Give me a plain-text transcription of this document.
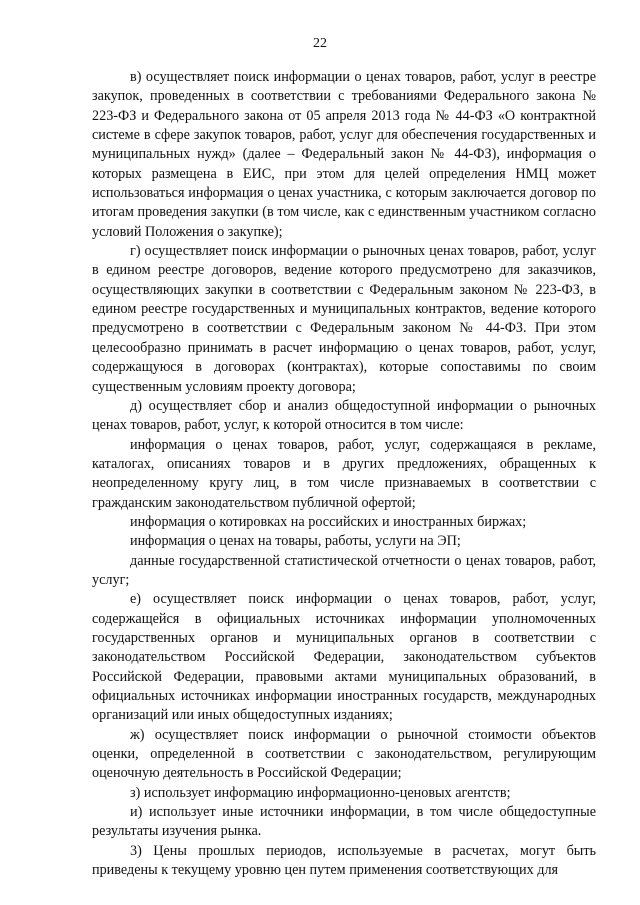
22

в) осуществляет поиск информации о ценах товаров, работ, услуг в реестре закупок, проведенных в соответствии с требованиями Федерального закона № 223-ФЗ и Федерального закона от 05 апреля 2013 года № 44-ФЗ «О контрактной системе в сфере закупок товаров, работ, услуг для обеспечения государственных и муниципальных нужд» (далее – Федеральный закон № 44-ФЗ), информация о которых размещена в ЕИС, при этом для целей определения НМЦ может использоваться информация о ценах участника, с которым заключается договор по итогам проведения закупки (в том числе, как с единственным участником согласно условий Положения о закупке);

г) осуществляет поиск информации о рыночных ценах товаров, работ, услуг в едином реестре договоров, ведение которого предусмотрено для заказчиков, осуществляющих закупки в соответствии с Федеральным законом № 223-ФЗ, в едином реестре государственных и муниципальных контрактов, ведение которого предусмотрено в соответствии с Федеральным законом № 44-ФЗ. При этом целесообразно принимать в расчет информацию о ценах товаров, работ, услуг, содержащуюся в договорах (контрактах), которые сопоставимы по своим существенным условиям проекту договора;

д) осуществляет сбор и анализ общедоступной информации о рыночных ценах товаров, работ, услуг, к которой относится в том числе:

информация о ценах товаров, работ, услуг, содержащаяся в рекламе, каталогах, описаниях товаров и в других предложениях, обращенных к неопределенному кругу лиц, в том числе признаваемых в соответствии с гражданским законодательством публичной офертой;

информация о котировках на российских и иностранных биржах;

информация о ценах на товары, работы, услуги на ЭП;

данные государственной статистической отчетности о ценах товаров, работ, услуг;

е) осуществляет поиск информации о ценах товаров, работ, услуг, содержащейся в официальных источниках информации уполномоченных государственных органов и муниципальных органов в соответствии с законодательством Российской Федерации, законодательством субъектов Российской Федерации, правовыми актами муниципальных образований, в официальных источниках информации иностранных государств, международных организаций или иных общедоступных изданиях;

ж) осуществляет поиск информации о рыночной стоимости объектов оценки, определенной в соответствии с законодательством, регулирующим оценочную деятельность в Российской Федерации;

з) использует информацию информационно-ценовых агентств;

и) использует иные источники информации, в том числе общедоступные результаты изучения рынка.

3) Цены прошлых периодов, используемые в расчетах, могут быть приведены к текущему уровню цен путем применения соответствующих для
